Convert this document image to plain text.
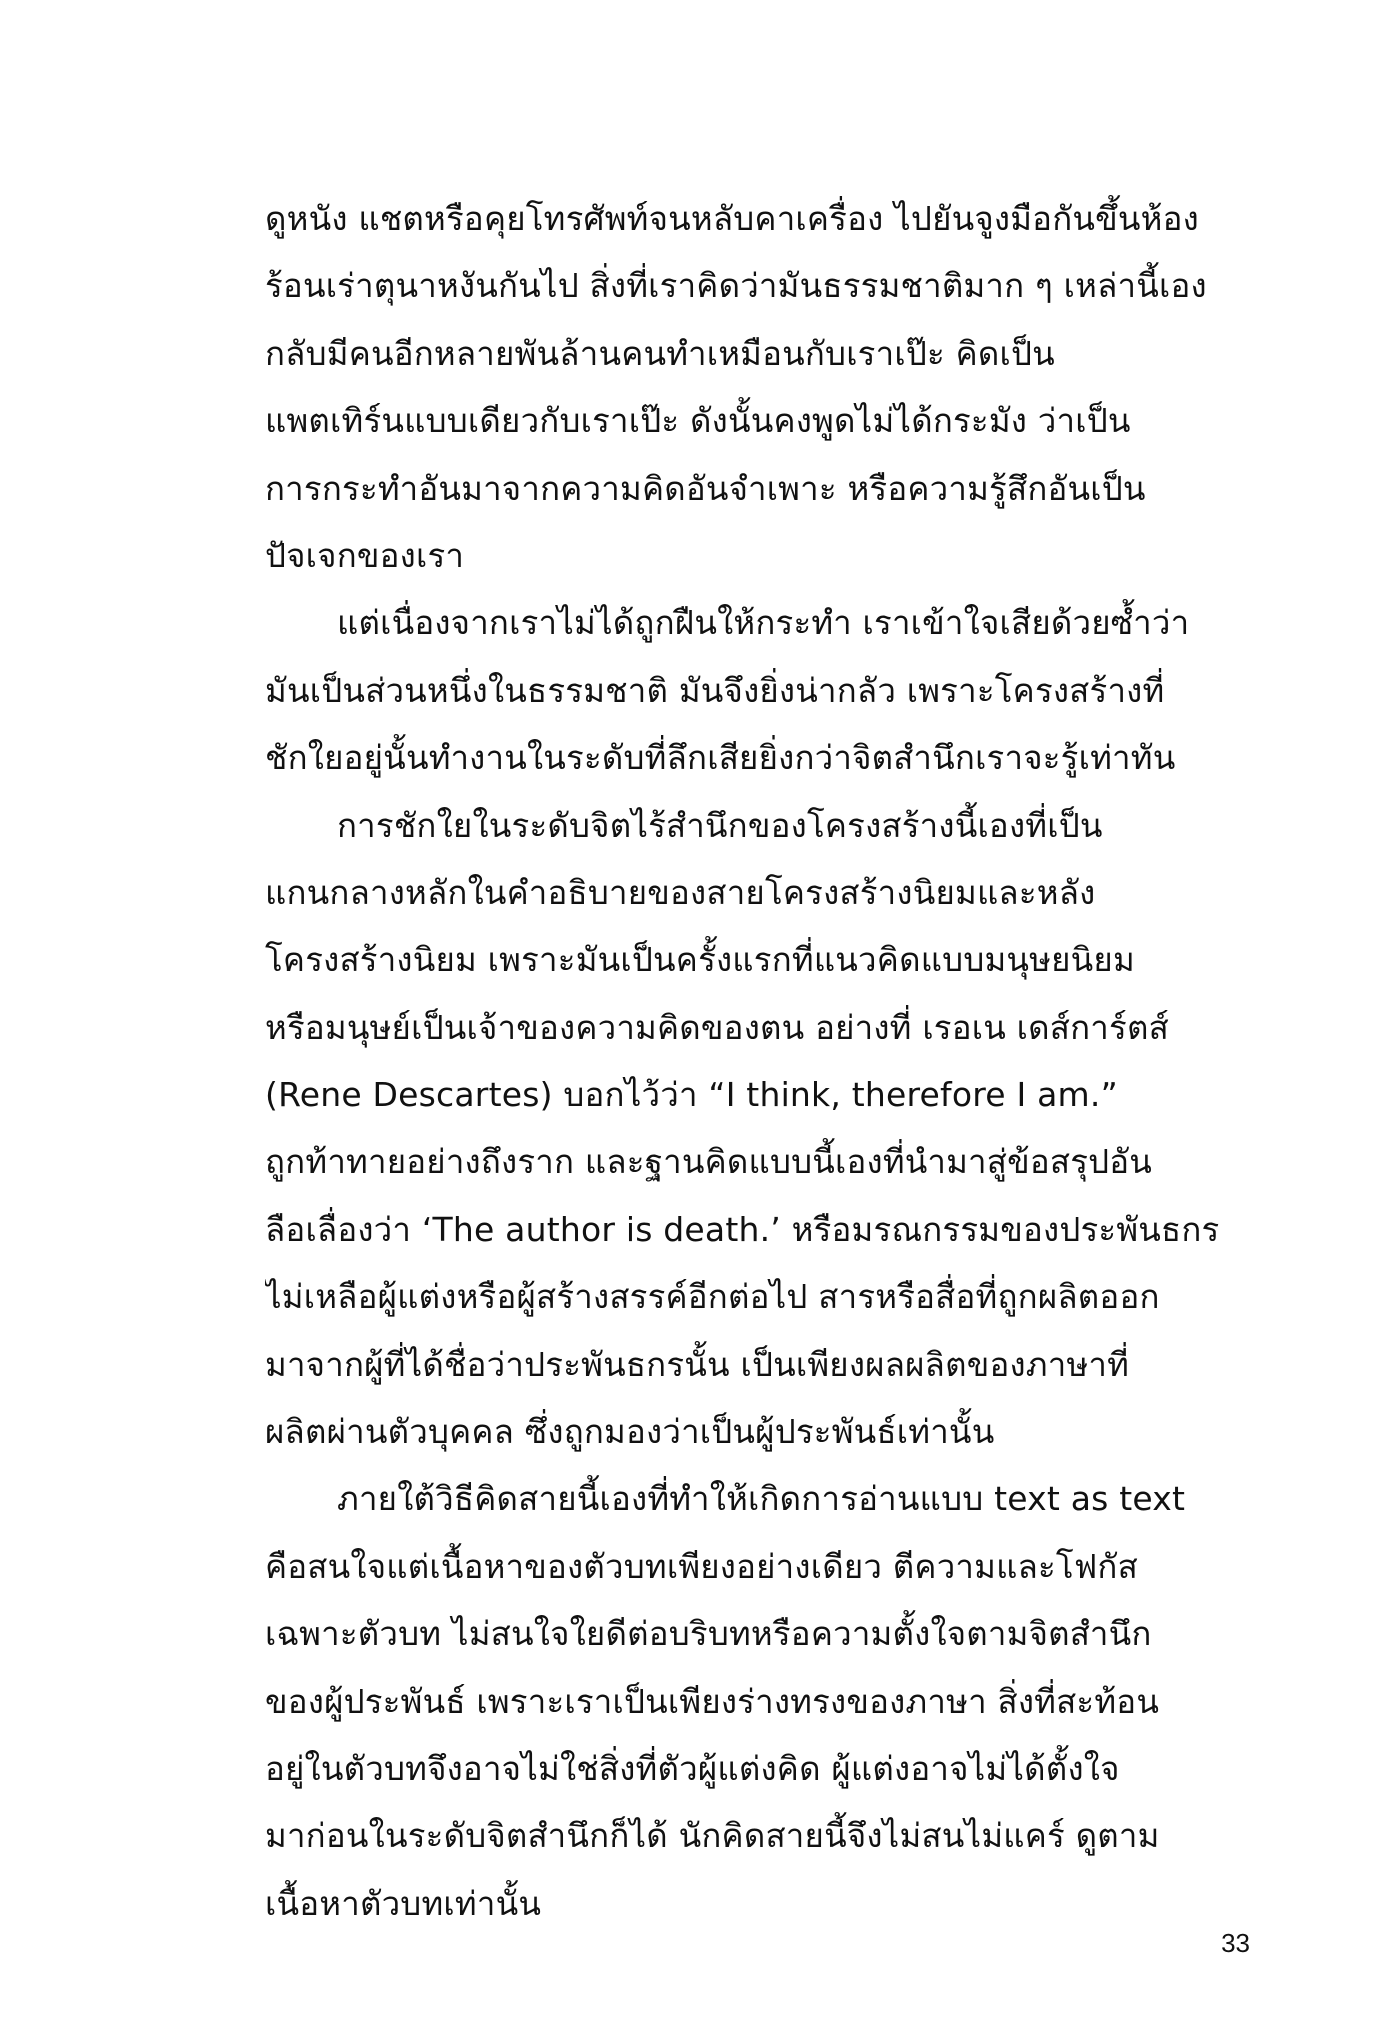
ดูหนัง แชตหรือคุยโทรศัพท์จนหลับคาเครื่อง ไปยันจูงมือกันขึ้นห้อง
ร้อนเร่าตุนาหงันกันไป สิ่งที่เราคิดว่ามันธรรมชาติมาก ๆ เหล่านี้เอง
กลับมีคนอีกหลายพันล้านคนทำเหมือนกับเราเป๊ะ คิดเป็น
แพตเทิร์นแบบเดียวกับเราเป๊ะ ดังนั้นคงพูดไม่ได้กระมัง ว่าเป็น
การกระทำอันมาจากความคิดอันจำเพาะ หรือความรู้สึกอันเป็น
ปัจเจกของเรา
แต่เนื่องจากเราไม่ได้ถูกฝืนให้กระทำ เราเข้าใจเสียด้วยซ้ำว่า
มันเป็นส่วนหนึ่งในธรรมชาติ มันจึงยิ่งน่ากลัว เพราะโครงสร้างที่
ชักใยอยู่นั้นทำงานในระดับที่ลึกเสียยิ่งกว่าจิตสำนึกเราจะรู้เท่าทัน
การชักใยในระดับจิตไร้สำนึกของโครงสร้างนี้เองที่เป็น
แกนกลางหลักในคำอธิบายของสายโครงสร้างนิยมและหลัง
โครงสร้างนิยม เพราะมันเป็นครั้งแรกที่แนวคิดแบบมนุษยนิยม
หรือมนุษย์เป็นเจ้าของความคิดของตน อย่างที่ เรอเน เดส์การ์ตส์
(Rene Descartes) บอกไว้ว่า “I think, therefore I am.”
ถูกท้าทายอย่างถึงราก และฐานคิดแบบนี้เองที่นำมาสู่ข้อสรุปอัน
ลือเลื่องว่า ‘The author is death.’ หรือมรณกรรมของประพันธกร
ไม่เหลือผู้แต่งหรือผู้สร้างสรรค์อีกต่อไป สารหรือสื่อที่ถูกผลิตออก
มาจากผู้ที่ได้ชื่อว่าประพันธกรนั้น เป็นเพียงผลผลิตของภาษาที่
ผลิตผ่านตัวบุคคล ซึ่งถูกมองว่าเป็นผู้ประพันธ์เท่านั้น
ภายใต้วิธีคิดสายนี้เองที่ทำให้เกิดการอ่านแบบ text as text
คือสนใจแต่เนื้อหาของตัวบทเพียงอย่างเดียว ตีความและโฟกัส
เฉพาะตัวบท ไม่สนใจใยดีต่อบริบทหรือความตั้งใจตามจิตสำนึก
ของผู้ประพันธ์ เพราะเราเป็นเพียงร่างทรงของภาษา สิ่งที่สะท้อน
อยู่ในตัวบทจึงอาจไม่ใช่สิ่งที่ตัวผู้แต่งคิด ผู้แต่งอาจไม่ได้ตั้งใจ
มาก่อนในระดับจิตสำนึกก็ได้ นักคิดสายนี้จึงไม่สนไม่แคร์ ดูตาม
เนื้อหาตัวบทเท่านั้น
33
